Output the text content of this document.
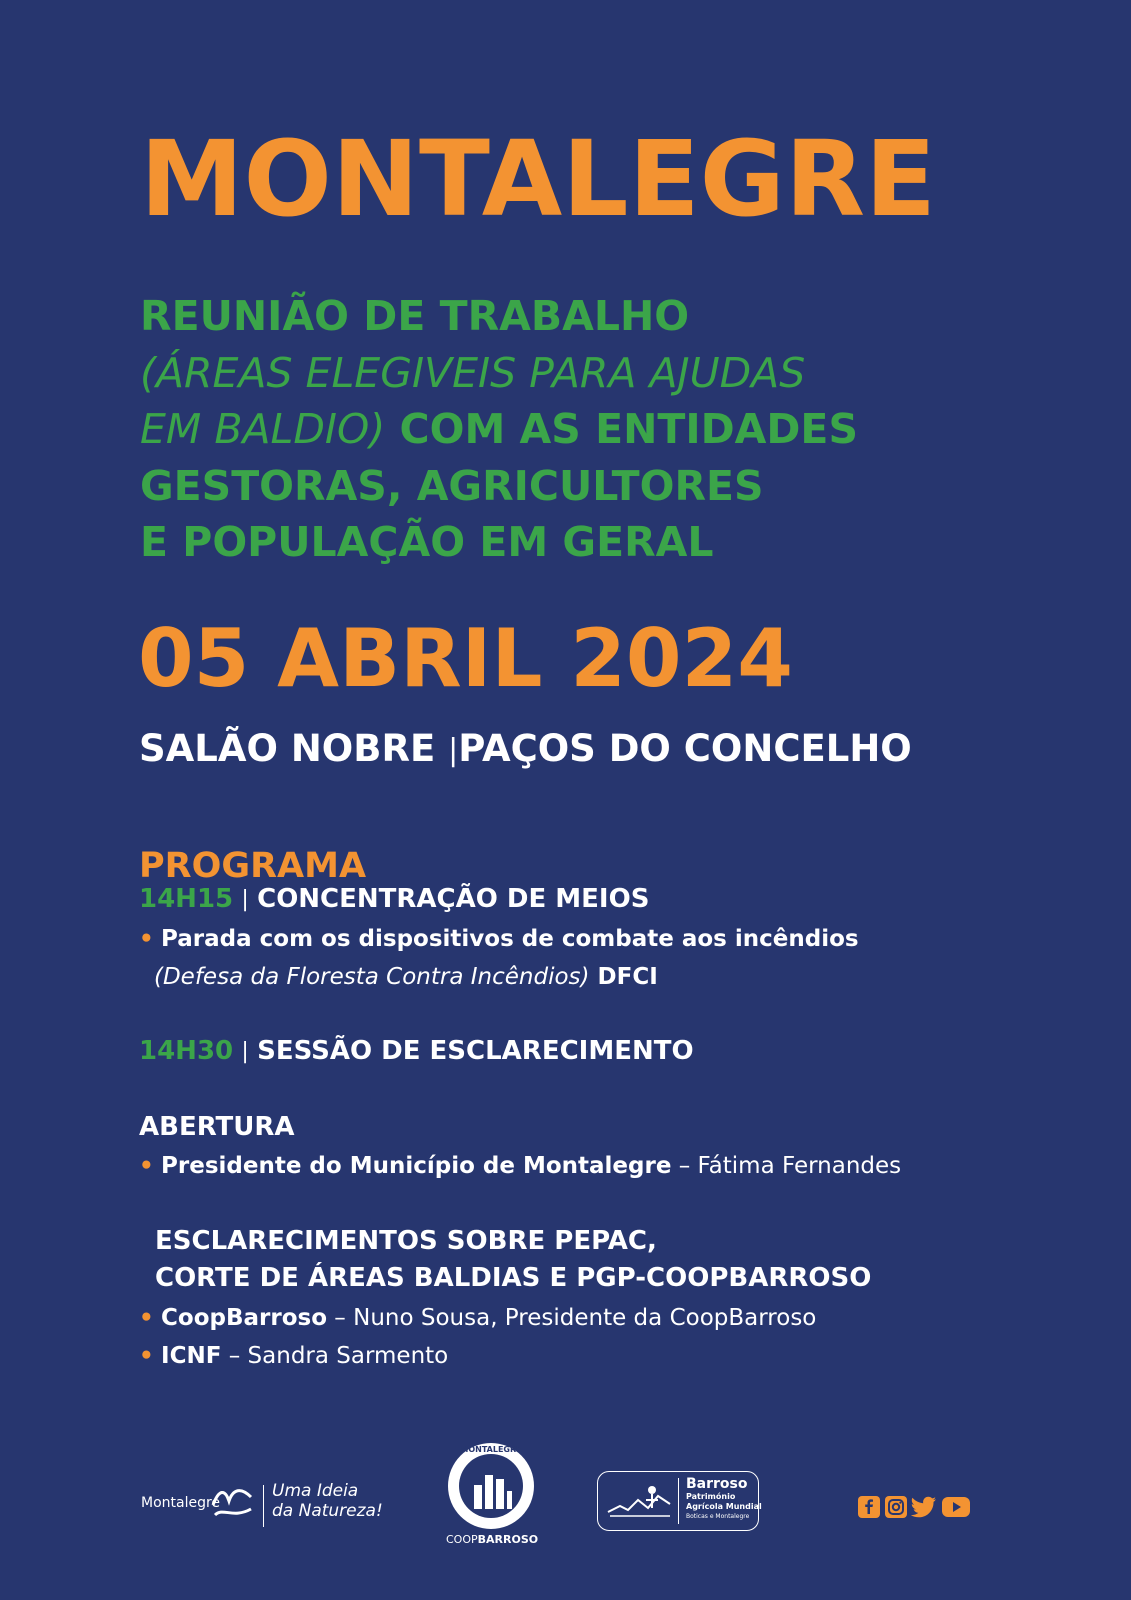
MONTALEGRE
REUNIÃO DE TRABALHO
(ÁREAS ELEGIVEIS PARA AJUDAS
EM BALDIO) COM AS ENTIDADES
GESTORAS, AGRICULTORES
E POPULAÇÃO EM GERAL
05 ABRIL 2024
SALÃO NOBRE |PAÇOS DO CONCELHO
PROGRAMA
14H15 | CONCENTRAÇÃO DE MEIOS
• Parada com os dispositivos de combate aos incêndios
(Defesa da Floresta Contra Incêndios) DFCI
14H30 | SESSÃO DE ESCLARECIMENTO
ABERTURA
• Presidente do Município de Montalegre – Fátima Fernandes
ESCLARECIMENTOS SOBRE PEPAC,
CORTE DE ÁREAS BALDIAS E PGP-COOPBARROSO
• CoopBarroso – Nuno Sousa, Presidente da CoopBarroso
• ICNF – Sandra Sarmento
Montalegre
Uma Ideia
da Natureza!
MONTALEGRE
COOPBARROSO
Barroso
Património
Agrícola Mundial
Boticas e Montalegre
